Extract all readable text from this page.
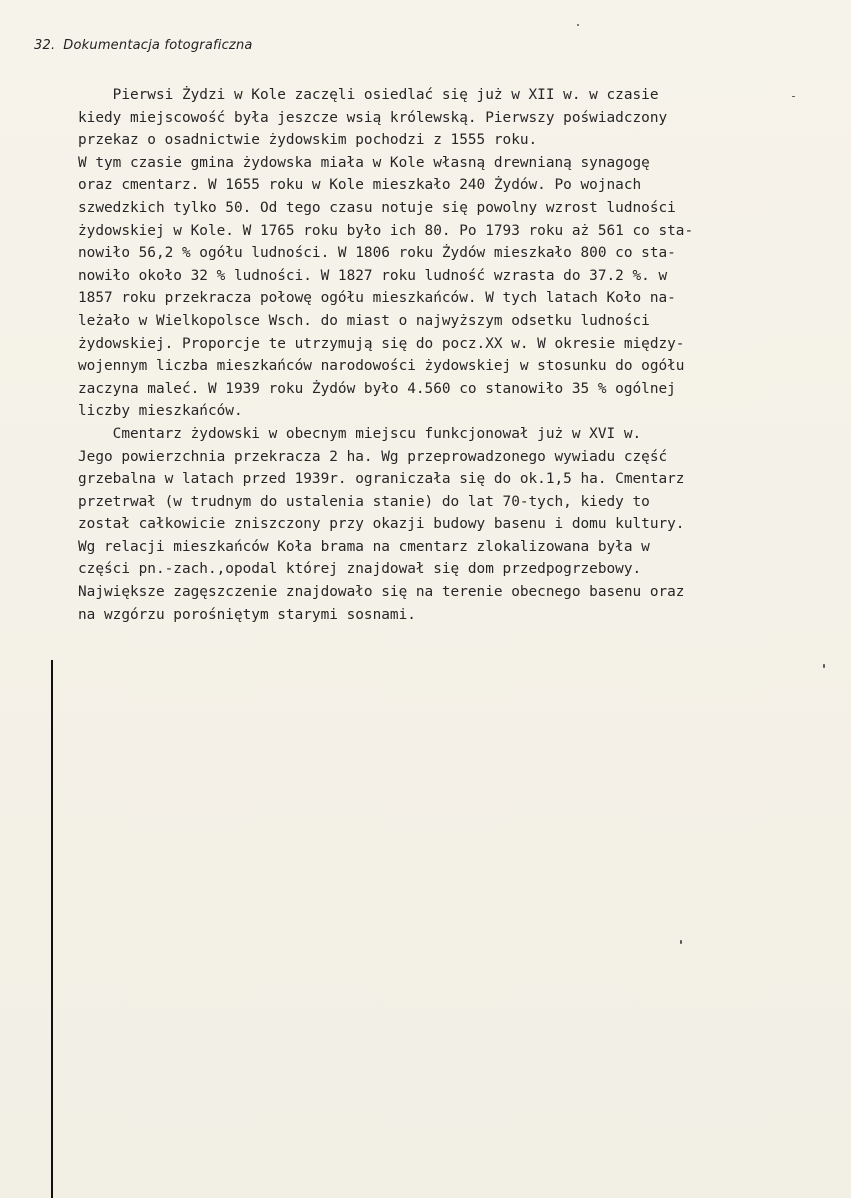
32. Dokumentacja fotograficzna
Pierwsi Żydzi w Kole zaczęli osiedlać się już w XII w. w czasie
kiedy miejscowość była jeszcze wsią królewską. Pierwszy poświadczony
przekaz o osadnictwie żydowskim pochodzi z 1555 roku.
W tym czasie gmina żydowska miała w Kole własną drewnianą synagogę
oraz cmentarz. W 1655 roku w Kole mieszkało 240 Żydów. Po wojnach
szwedzkich tylko 50. Od tego czasu notuje się powolny wzrost ludności
żydowskiej w Kole. W 1765 roku było ich 80. Po 1793 roku aż 561 co sta-
nowiło 56,2 % ogółu ludności. W 1806 roku Żydów mieszkało 800 co sta-
nowiło około 32 % ludności. W 1827 roku ludność wzrasta do 37.2 %. w
1857 roku przekracza połowę ogółu mieszkańców. W tych latach Koło na-
leżało w Wielkopolsce Wsch. do miast o najwyższym odsetku ludności
żydowskiej. Proporcje te utrzymują się do pocz.XX w. W okresie między-
wojennym liczba mieszkańców narodowości żydowskiej w stosunku do ogółu
zaczyna maleć. W 1939 roku Żydów było 4.560 co stanowiło 35 % ogólnej
liczby mieszkańców.
Cmentarz żydowski w obecnym miejscu funkcjonował już w XVI w.
Jego powierzchnia przekracza 2 ha. Wg przeprowadzonego wywiadu część
grzebalna w latach przed 1939r. ograniczała się do ok.1,5 ha. Cmentarz
przetrwał (w trudnym do ustalenia stanie) do lat 70-tych, kiedy to
został całkowicie zniszczony przy okazji budowy basenu i domu kultury.
Wg relacji mieszkańców Koła brama na cmentarz zlokalizowana była w
części pn.-zach.,opodal której znajdował się dom przedpogrzebowy.
Największe zagęszczenie znajdowało się na terenie obecnego basenu oraz
na wzgórzu porośniętym starymi sosnami.
